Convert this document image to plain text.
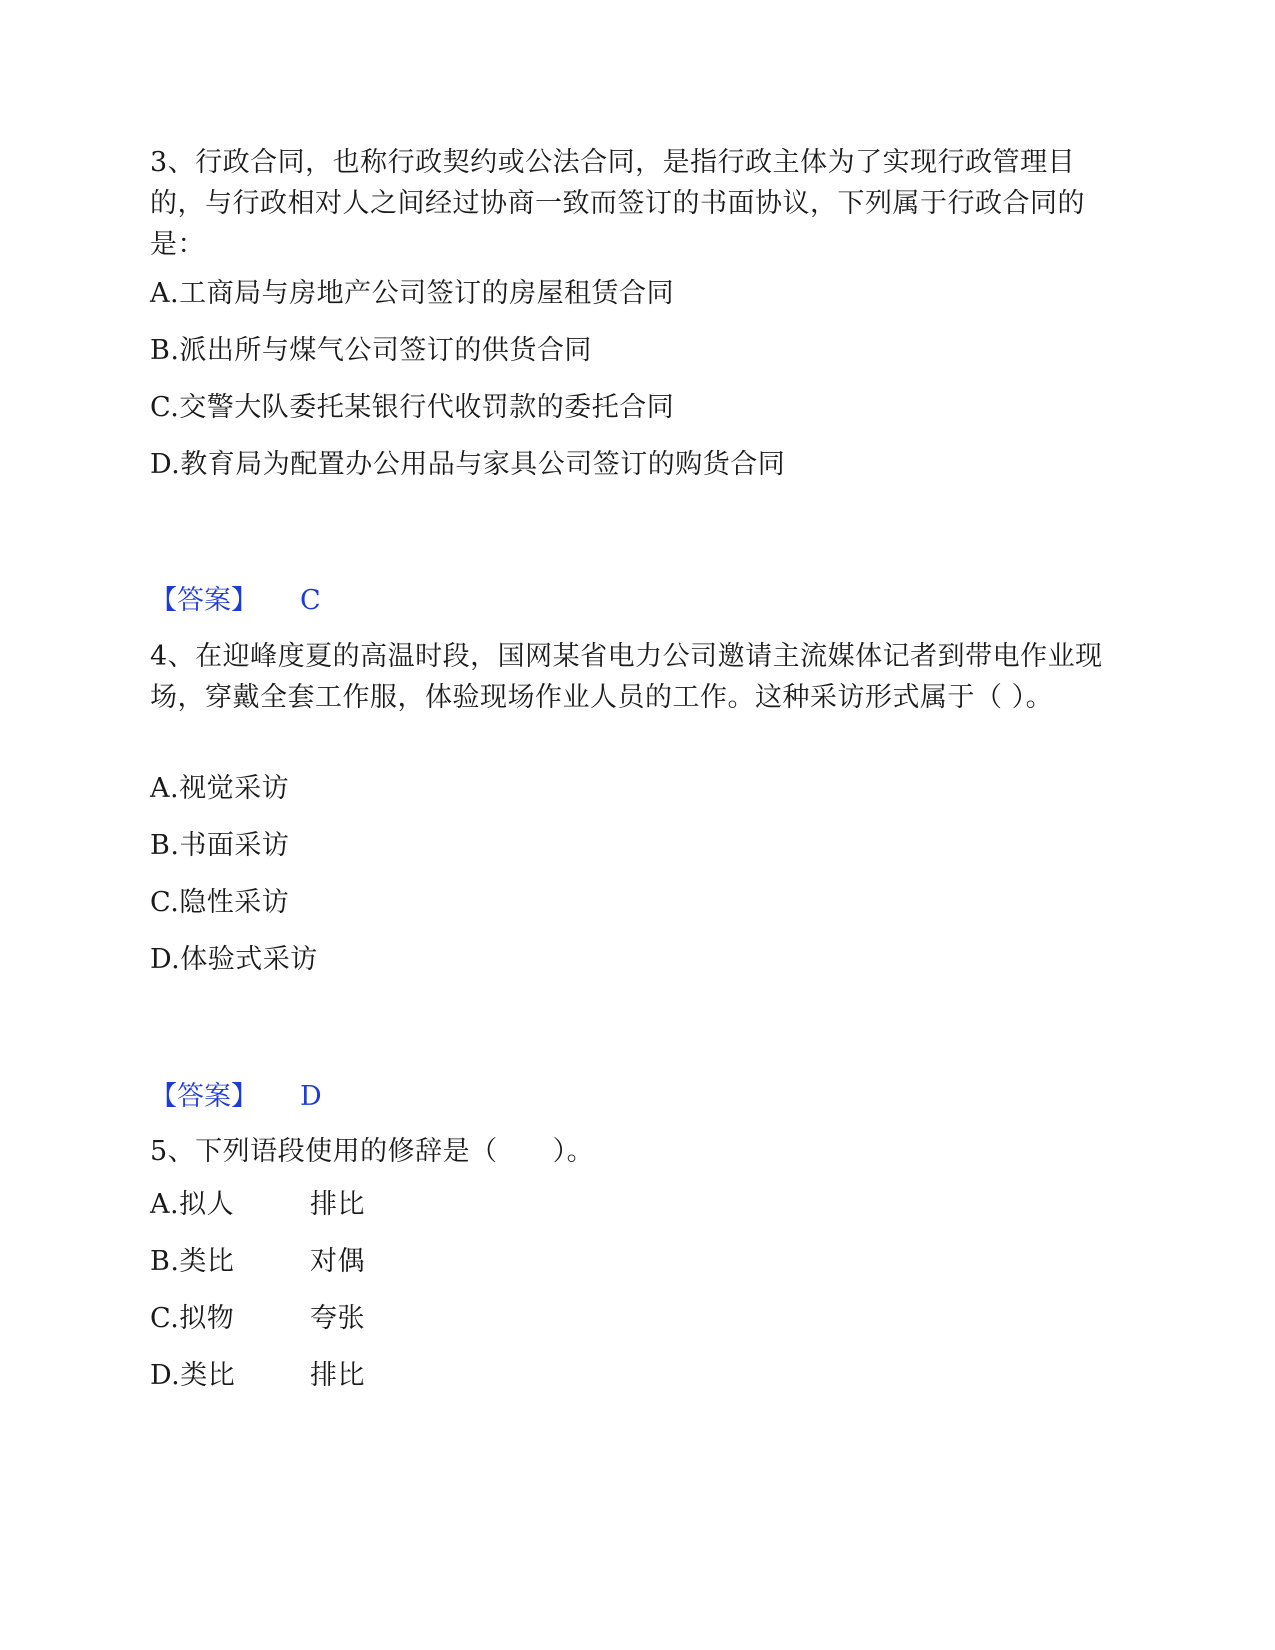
3、行政合同，也称行政契约或公法合同，是指行政主体为了实现行政管理目的，与行政相对人之间经过协商一致而签订的书面协议，下列属于行政合同的是：

A.工商局与房地产公司签订的房屋租赁合同

B.派出所与煤气公司签订的供货合同

C.交警大队委托某银行代收罚款的委托合同

D.教育局为配置办公用品与家具公司签订的购货合同

【答案】 C

4、在迎峰度夏的高温时段，国网某省电力公司邀请主流媒体记者到带电作业现场，穿戴全套工作服，体验现场作业人员的工作。这种采访形式属于（ ）。

A.视觉采访

B.书面采访

C.隐性采访

D.体验式采访

【答案】 D

5、下列语段使用的修辞是（　　）。

A.拟人	排比

B.类比	对偶

C.拟物	夸张

D.类比	排比
